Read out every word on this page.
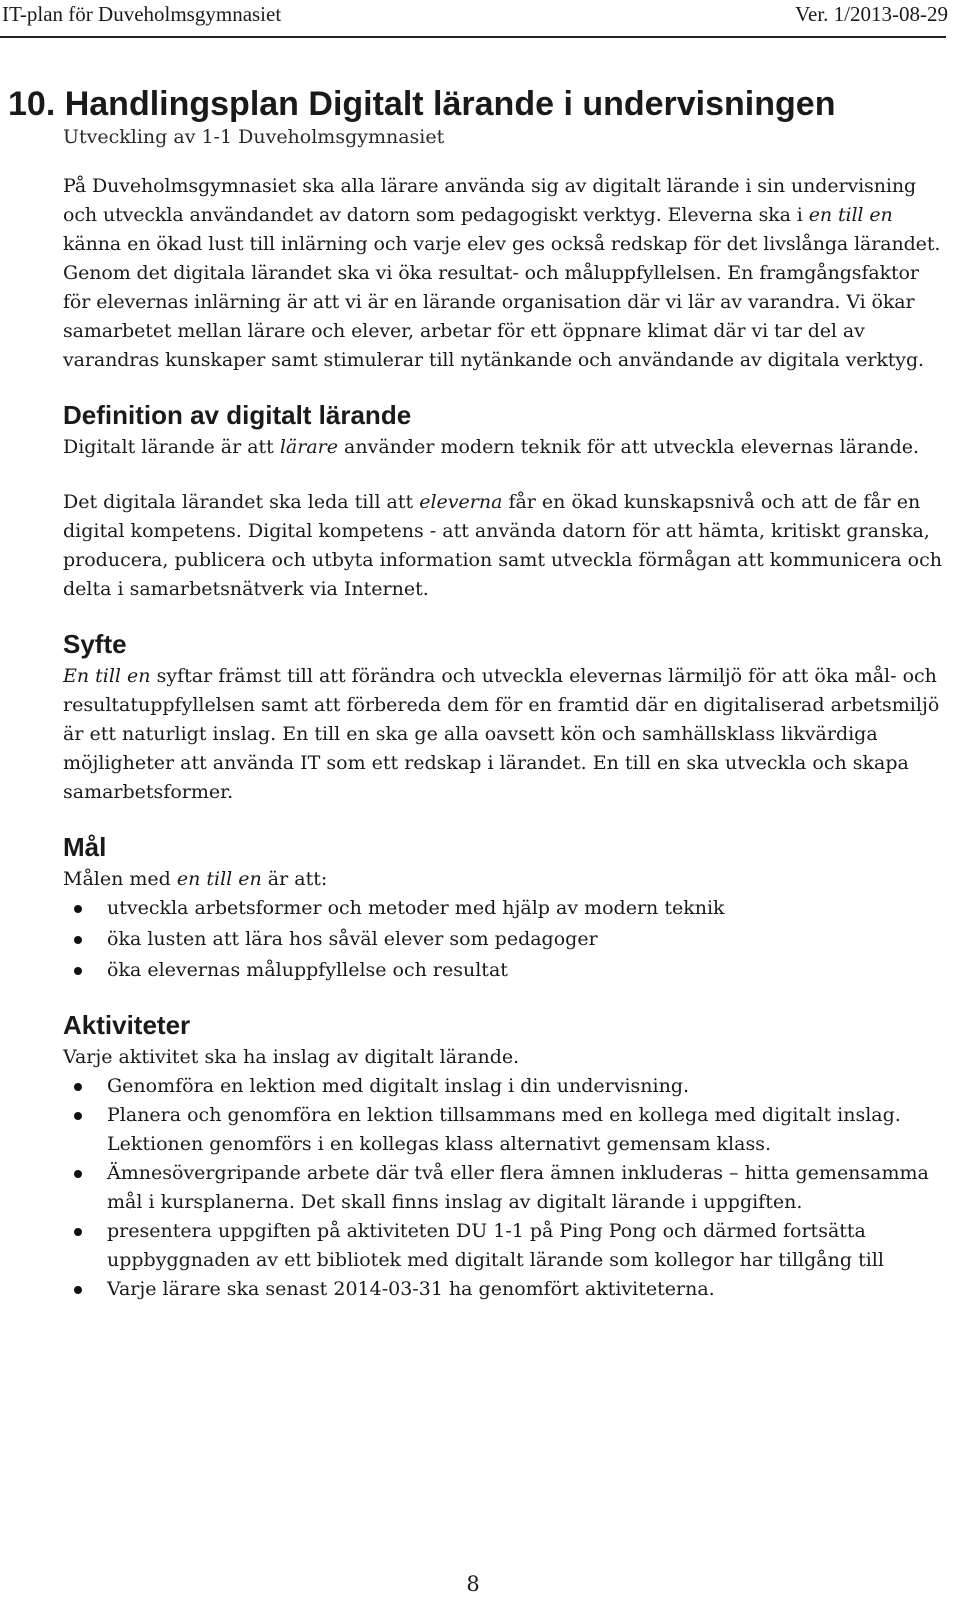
IT-plan för Duveholmsgymnasiet	Ver. 1/2013-08-29
10. Handlingsplan Digitalt lärande i undervisningen

Utveckling av 1-1 Duveholmsgymnasiet

På Duveholmsgymnasiet ska alla lärare använda sig av digitalt lärande i sin undervisning och utveckla användandet av datorn som pedagogiskt verktyg. Eleverna ska i en till en känna en ökad lust till inlärning och varje elev ges också redskap för det livslånga lärandet. Genom det digitala lärandet ska vi öka resultat- och måluppfyllelsen. En framgångsfaktor för elevernas inlärning är att vi är en lärande organisation där vi lär av varandra. Vi ökar samarbetet mellan lärare och elever, arbetar för ett öppnare klimat där vi tar del av varandras kunskaper samt stimulerar till nytänkande och användande av digitala verktyg.

Definition av digitalt lärande

Digitalt lärande är att lärare använder modern teknik för att utveckla elevernas lärande.

Det digitala lärandet ska leda till att eleverna får en ökad kunskapsnivå och att de får en digital kompetens. Digital kompetens - att använda datorn för att hämta, kritiskt granska, producera, publicera och utbyta information samt utveckla förmågan att kommunicera och delta i samarbetsnätverk via Internet.

Syfte

En till en syftar främst till att förändra och utveckla elevernas lärmiljö för att öka mål- och resultatuppfyllelsen samt att förbereda dem för en framtid där en digitaliserad arbetsmiljö är ett naturligt inslag. En till en ska ge alla oavsett kön och samhällsklass likvärdiga möjligheter att använda IT som ett redskap i lärandet. En till en ska utveckla och skapa samarbetsformer.

Mål

Målen med en till en är att:

utveckla arbetsformer och metoder med hjälp av modern teknik
öka lusten att lära hos såväl elever som pedagoger
öka elevernas måluppfyllelse och resultat
Aktiviteter

Varje aktivitet ska ha inslag av digitalt lärande.

Genomföra en lektion med digitalt inslag i din undervisning.
Planera och genomföra en lektion tillsammans med en kollega med digitalt inslag. Lektionen genomförs i en kollegas klass alternativt gemensam klass.
Ämnesövergripande arbete där två eller flera ämnen inkluderas – hitta gemensamma mål i kursplanerna. Det skall finns inslag av digitalt lärande i uppgiften.
presentera uppgiften på aktiviteten DU 1-1 på Ping Pong och därmed fortsätta uppbyggnaden av ett bibliotek med digitalt lärande som kollegor har tillgång till
Varje lärare ska senast 2014-03-31 ha genomfört aktiviteterna.
8
